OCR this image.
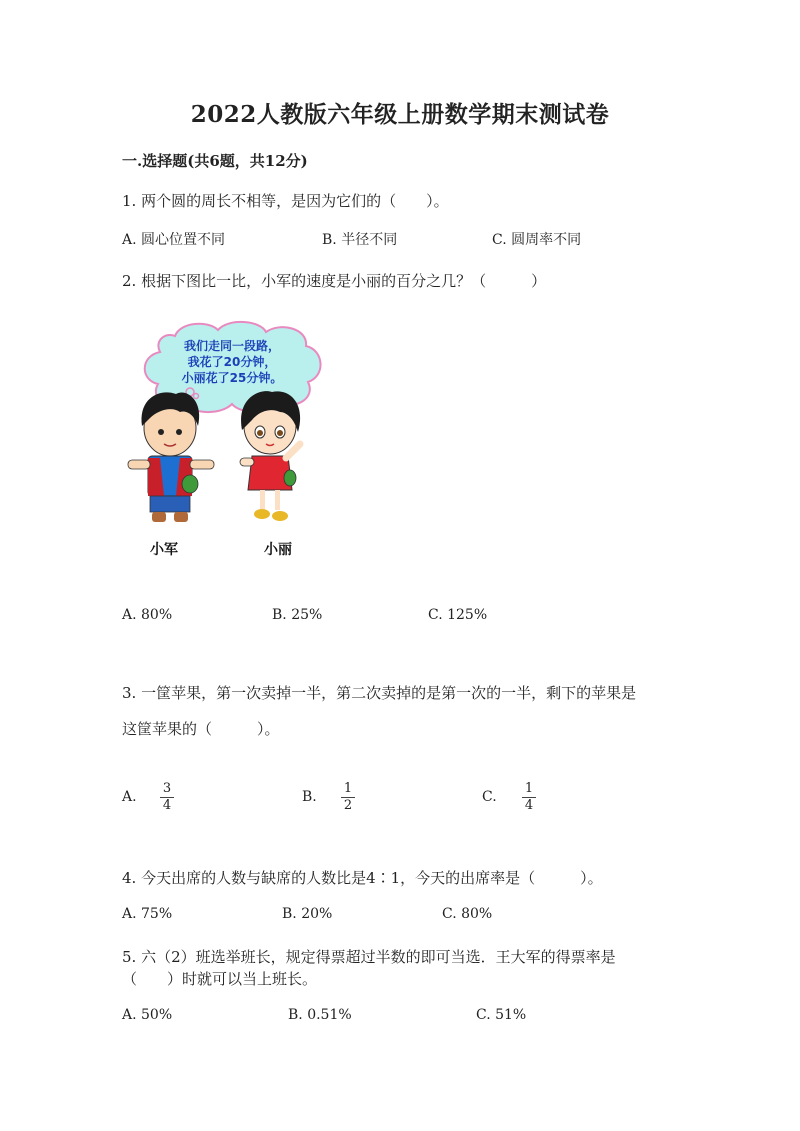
2022人教版六年级上册数学期末测试卷
一.选择题(共6题，共12分)
1. 两个圆的周长不相等，是因为它们的（　　）。
A. 圆心位置不同	B. 半径不同	C. 圆周率不同
2. 根据下图比一比，小军的速度是小丽的百分之几？（　　　）
我们走同一段路，
我花了20分钟，
小丽花了25分钟。
小军	小丽
A. 80%	B. 25%	C. 125%
3. 一筐苹果，第一次卖掉一半，第二次卖掉的是第一次的一半，剩下的苹果是
这筐苹果的（　　　）。
A.
3
4
B.
1
2
C.
1
4
4. 今天出席的人数与缺席的人数比是4∶1，今天的出席率是（　　　）。
A. 75%	B. 20%	C. 80%
5. 六（2）班选举班长，规定得票超过半数的即可当选．王大军的得票率是
（　　）时就可以当上班长。
A. 50%	B. 0.51%	C. 51%
